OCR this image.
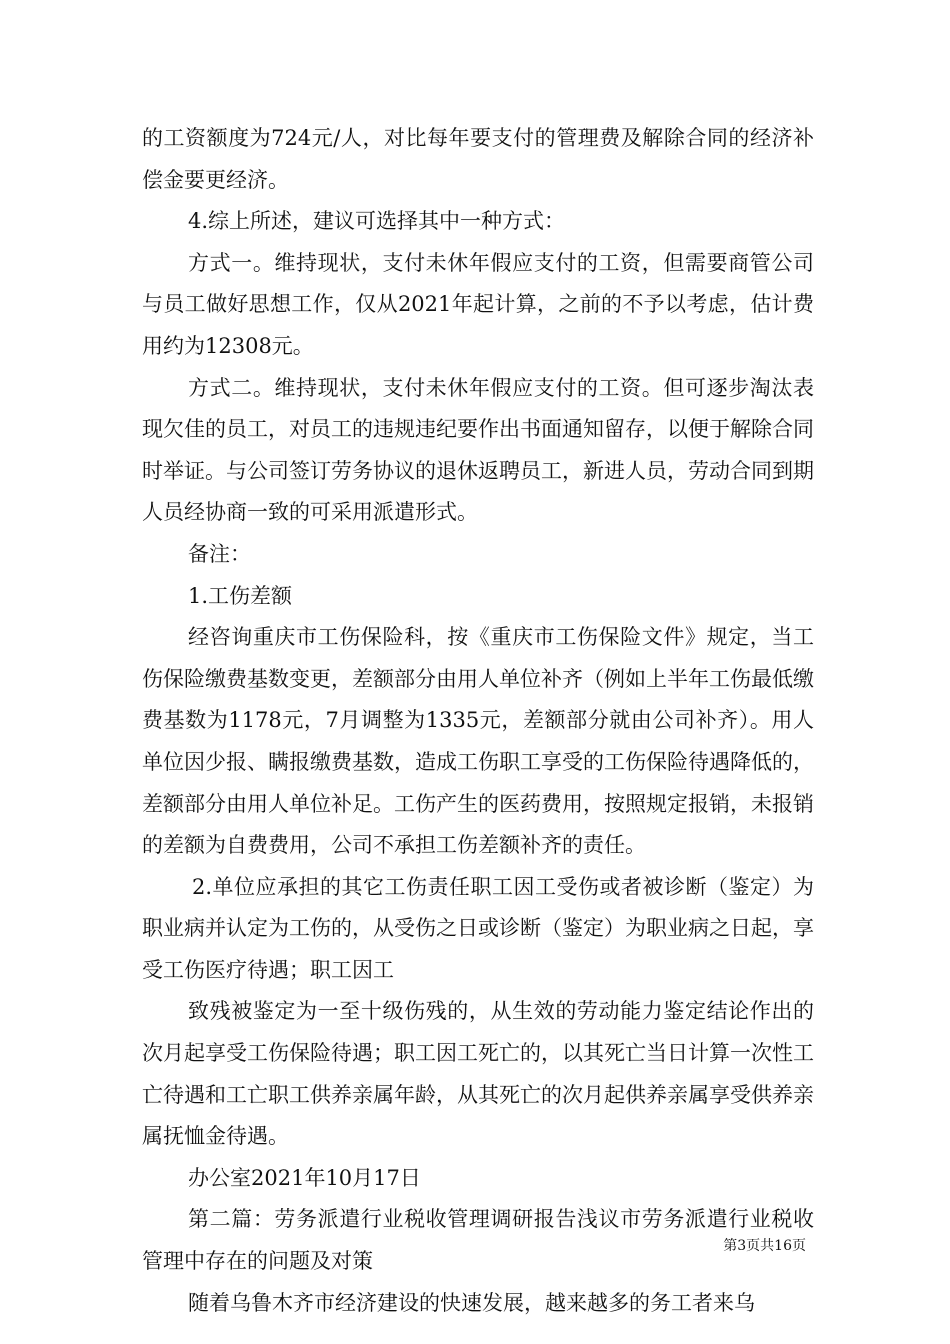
的工资额度为724元/人，对比每年要支付的管理费及解除合同的经济补偿金要更经济。

4.综上所述，建议可选择其中一种方式：

方式一。维持现状，支付未休年假应支付的工资，但需要商管公司与员工做好思想工作，仅从2021年起计算，之前的不予以考虑，估计费用约为12308元。

方式二。维持现状，支付未休年假应支付的工资。但可逐步淘汰表现欠佳的员工，对员工的违规违纪要作出书面通知留存，以便于解除合同时举证。与公司签订劳务协议的退休返聘员工，新进人员，劳动合同到期人员经协商一致的可采用派遣形式。

备注：

1.工伤差额

经咨询重庆市工伤保险科，按《重庆市工伤保险文件》规定，当工伤保险缴费基数变更，差额部分由用人单位补齐（例如上半年工伤最低缴费基数为1178元，7月调整为1335元，差额部分就由公司补齐）。用人单位因少报、瞒报缴费基数，造成工伤职工享受的工伤保险待遇降低的，差额部分由用人单位补足。工伤产生的医药费用，按照规定报销，未报销的差额为自费费用，公司不承担工伤差额补齐的责任。

2.单位应承担的其它工伤责任职工因工受伤或者被诊断（鉴定）为职业病并认定为工伤的，从受伤之日或诊断（鉴定）为职业病之日起，享受工伤医疗待遇；职工因工

致残被鉴定为一至十级伤残的，从生效的劳动能力鉴定结论作出的次月起享受工伤保险待遇；职工因工死亡的，以其死亡当日计算一次性工亡待遇和工亡职工供养亲属年龄，从其死亡的次月起供养亲属享受供养亲属抚恤金待遇。

办公室2021年10月17日

第二篇：劳务派遣行业税收管理调研报告浅议市劳务派遣行业税收管理中存在的问题及对策

随着乌鲁木齐市经济建设的快速发展，越来越多的务工者来乌

第3页共16页
